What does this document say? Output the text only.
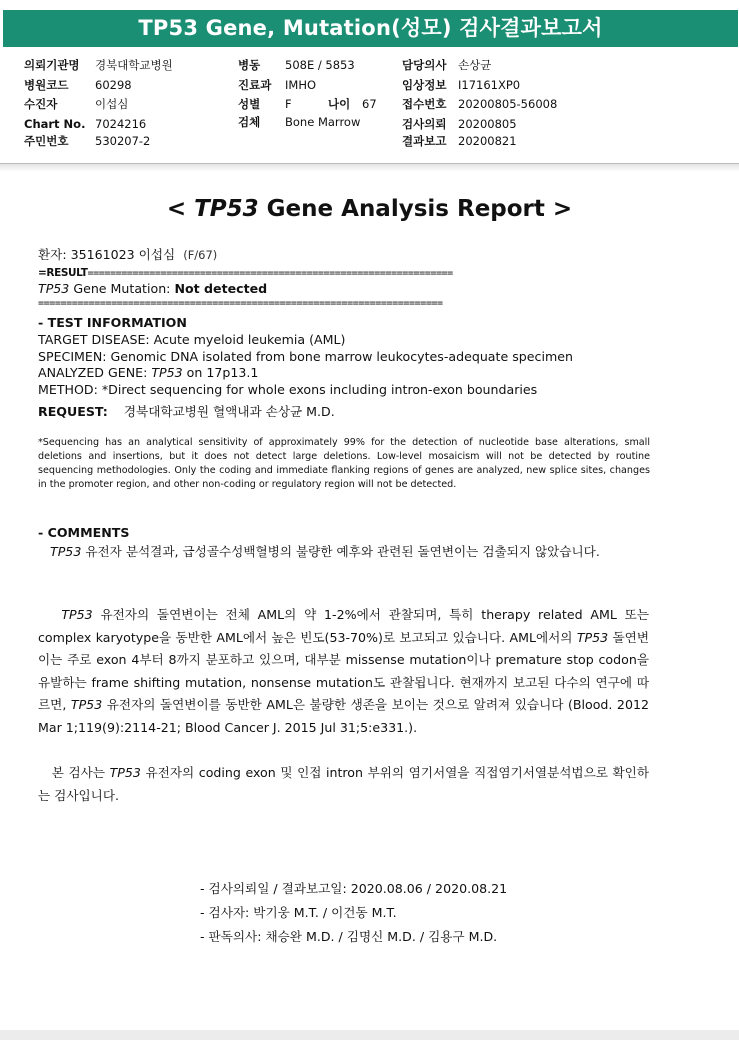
TP53 Gene, Mutation(성모) 검사결과보고서
의뢰기관명 경북대학교병원
병원코드 60298
수진자	이섭심
Chart No. 7024216
주민번호 530207-2
병동 508E / 5853
진료과 IMHO
성별 F	나이 67
검체 Bone Marrow
담당의사 손상균
임상정보 I17161XP0
접수번호 20200805-56008
검사의뢰 20200805
결과보고 20200821
< TP53 Gene Analysis Report >
환자: 35161023 이섭심 (F/67)
=RESULT=================================================================
TP53 Gene Mutation: Not detected
========================================================================
- TEST INFORMATION
TARGET DISEASE: Acute myeloid leukemia (AML)
SPECIMEN: Genomic DNA isolated from bone marrow leukocytes-adequate specimen
ANALYZED GENE: TP53 on 17p13.1
METHOD: *Direct sequencing for whole exons including intron-exon boundaries
REQUEST: 경북대학교병원 혈액내과 손상균 M.D.
*Sequencing has an analytical sensitivity of approximately 99% for the detection of nucleotide base alterations, small deletions and insertions, but it does not detect large deletions. Low-level mosaicism will not be detected by routine sequencing methodologies. Only the coding and immediate flanking regions of genes are analyzed, new splice sites, changes in the promoter region, and other non-coding or regulatory region will not be detected.
- COMMENTS
TP53 유전자 분석결과, 급성골수성백혈병의 불량한 예후와 관련된 돌연변이는 검출되지 않았습니다.
TP53 유전자의 돌연변이는 전체 AML의 약 1-2%에서 관찰되며, 특히 therapy related AML 또는 complex karyotype을 동반한 AML에서 높은 빈도(53-70%)로 보고되고 있습니다. AML에서의 TP53 돌연변이는 주로 exon 4부터 8까지 분포하고 있으며, 대부분 missense mutation이나 premature stop codon을 유발하는 frame shifting mutation, nonsense mutation도 관찰됩니다. 현재까지 보고된 다수의 연구에 따르면, TP53 유전자의 돌연변이를 동반한 AML은 불량한 생존을 보이는 것으로 알려져 있습니다 (Blood. 2012 Mar 1;119(9):2114-21; Blood Cancer J. 2015 Jul 31;5:e331.).
본 검사는 TP53 유전자의 coding exon 및 인접 intron 부위의 염기서열을 직접염기서열분석법으로 확인하는 검사입니다.
- 검사의뢰일 / 결과보고일: 2020.08.06 / 2020.08.21
- 검사자: 박기웅 M.T. / 이건동 M.T.
- 판독의사: 채승완 M.D. / 김명신 M.D. / 김용구 M.D.
